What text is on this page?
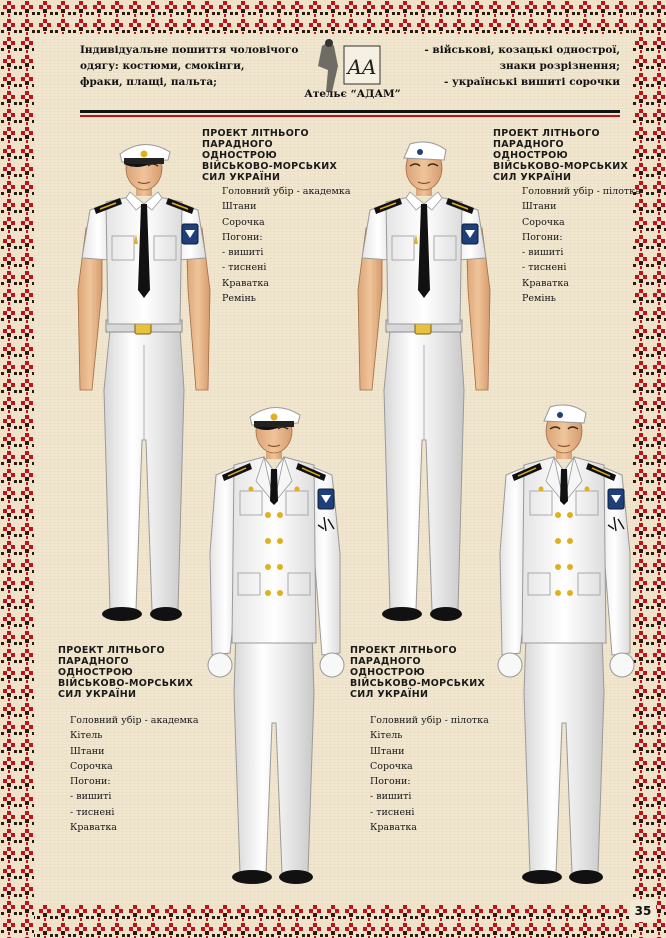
Індивідуальне пошиття чоловічого
одягу: костюми, смокінги,
фраки, плащі, пальта;
AA
Ательє “АДАМ”
- військові, козацькі однострої,
знаки розрізнення;
- українські вишиті сорочки
ПРОЕКТ ЛІТНЬОГО
ПАРАДНОГО ОДНОСТРОЮ
ВІЙСЬКОВО-МОРСЬКИХ
СИЛ УКРАЇНИ
Головний убір - академка
Штани
Сорочка
Погони:
- вишиті
- тиснені
Краватка
Ремінь
ПРОЕКТ ЛІТНЬОГО
ПАРАДНОГО ОДНОСТРОЮ
ВІЙСЬКОВО-МОРСЬКИХ
СИЛ УКРАЇНИ
Головний убір - пілотка
Штани
Сорочка
Погони:
- вишиті
- тиснені
Краватка
Ремінь
ПРОЕКТ ЛІТНЬОГО
ПАРАДНОГО ОДНОСТРОЮ
ВІЙСЬКОВО-МОРСЬКИХ
СИЛ УКРАЇНИ
Головний убір - академка
Кітель
Штани
Сорочка
Погони:
- вишиті
- тиснені
Краватка
ПРОЕКТ ЛІТНЬОГО
ПАРАДНОГО ОДНОСТРОЮ
ВІЙСЬКОВО-МОРСЬКИХ
СИЛ УКРАЇНИ
Головний убір - пілотка
Кітель
Штани
Сорочка
Погони:
- вишиті
- тиснені
Краватка
35
